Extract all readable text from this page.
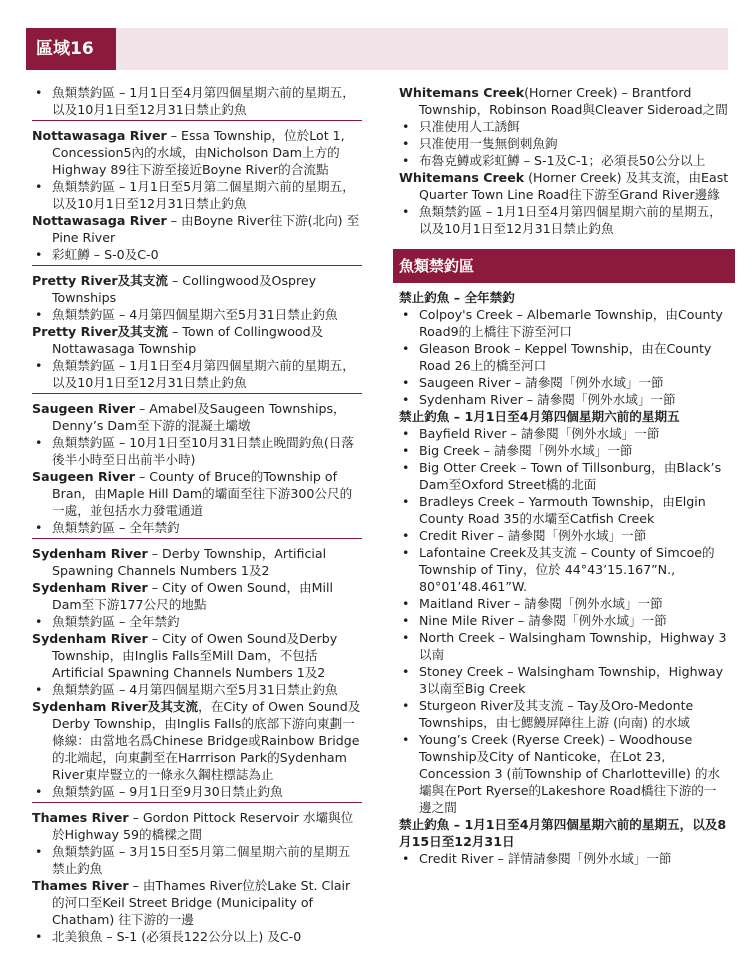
區域16
• 魚類禁釣區 – 1月1日至4月第四個星期六前的星期五，以及10月1日至12月31日禁止釣魚
Nottawasaga River – Essa Township，位於Lot 1, Concession5內的水域，由Nicholson Dam上方的Highway 89往下游至接近Boyne River的合流點
• 魚類禁釣區 – 1月1日至5月第二個星期六前的星期五，以及10月1日至12月31日禁止釣魚
Nottawasaga River – 由Boyne River往下游(北向) 至Pine River
• 彩虹鱒 – S-0及C-0
Pretty River及其支流 – Collingwood及Osprey Townships
• 魚類禁釣區 – 4月第四個星期六至5月31日禁止釣魚
Pretty River及其支流 – Town of Collingwood及Nottawasaga Township
• 魚類禁釣區 – 1月1日至4月第四個星期六前的星期五，以及10月1日至12月31日禁止釣魚
Saugeen River – Amabel及Saugeen Townships，Denny’s Dam至下游的混凝土壩墩
• 魚類禁釣區 – 10月1日至10月31日禁止晚間釣魚(日落後半小時至日出前半小時)
Saugeen River – County of Bruce的Township of Bran，由Maple Hill Dam的壩面至往下游300公尺的一處，並包括水力發電通道
• 魚類禁釣區 – 全年禁釣
Sydenham River – Derby Township，Artificial Spawning Channels Numbers 1及2
Sydenham River – City of Owen Sound，由Mill Dam至下游177公尺的地點
• 魚類禁釣區 – 全年禁釣
Sydenham River – City of Owen Sound及Derby Township，由Inglis Falls至Mill Dam，不包括Artificial Spawning Channels Numbers 1及2
• 魚類禁釣區 – 4月第四個星期六至5月31日禁止釣魚
Sydenham River及其支流，在City of Owen Sound及Derby Township，由Inglis Falls的底部下游向東劃一條線：由當地名爲Chinese Bridge或Rainbow Bridge的北端起，向東劃至在Harrrison Park的Sydenham River東岸豎立的一條永久鋼柱標誌為止
• 魚類禁釣區 – 9月1日至9月30日禁止釣魚
Thames River – Gordon Pittock Reservoir 水壩與位於Highway 59的橋樑之間
• 魚類禁釣區 – 3月15日至5月第二個星期六前的星期五禁止釣魚
Thames River – 由Thames River位於Lake St. Clair的河口至Keil Street Bridge (Municipality of Chatham) 往下游的一邊
• 北美狼魚 – S-1 (必須長122公分以上) 及C-0
Whitemans Creek(Horner Creek) – Brantford Township，Robinson Road與Cleaver Sideroad之間
• 只准使用人工誘餌
• 只准使用一隻無倒刺魚鉤
• 布魯克鱒或彩虹鱒 – S-1及C-1；必須長50公分以上
Whitemans Creek (Horner Creek) 及其支流，由East Quarter Town Line Road往下游至Grand River邊緣
• 魚類禁釣區 – 1月1日至4月第四個星期六前的星期五，以及10月1日至12月31日禁止釣魚
魚類禁釣區
禁止釣魚 – 全年禁釣
• Colpoy's Creek – Albemarle Township，由County Road9的上橋往下游至河口
• Gleason Brook – Keppel Township，由在County Road 26上的橋至河口
• Saugeen River – 請參閱「例外水域」一節
• Sydenham River – 請參閱「例外水域」一節
禁止釣魚 – 1月1日至4月第四個星期六前的星期五
• Bayfield River – 請參閱「例外水域」一節
• Big Creek – 請參閱「例外水域」一節
• Big Otter Creek – Town of Tillsonburg，由Black’s Dam至Oxford Street橋的北面
• Bradleys Creek – Yarmouth Township，由Elgin County Road 35的水壩至Catfish Creek
• Credit River – 請參閱「例外水域」一節
• Lafontaine Creek及其支流 – County of Simcoe的Township of Tiny，位於 44°43’15.167”N., 80°01’48.461”W.
• Maitland River – 請參閱「例外水域」一節
• Nine Mile River – 請參閱「例外水域」一節
• North Creek – Walsingham Township，Highway 3以南
• Stoney Creek – Walsingham Township，Highway 3以南至Big Creek
• Sturgeon River及其支流 – Tay及Oro-Medonte Townships，由七鰓鰻屏障往上游 (向南) 的水域
• Young’s Creek (Ryerse Creek) – Woodhouse Township及City of Nanticoke，在Lot 23, Concession 3 (前Township of Charlotteville) 的水壩與在Port Ryerse的Lakeshore Road橋往下游的一邊之間
禁止釣魚 – 1月1日至4月第四個星期六前的星期五，以及8月15日至12月31日
• Credit River – 詳情請參閱「例外水域」一節
